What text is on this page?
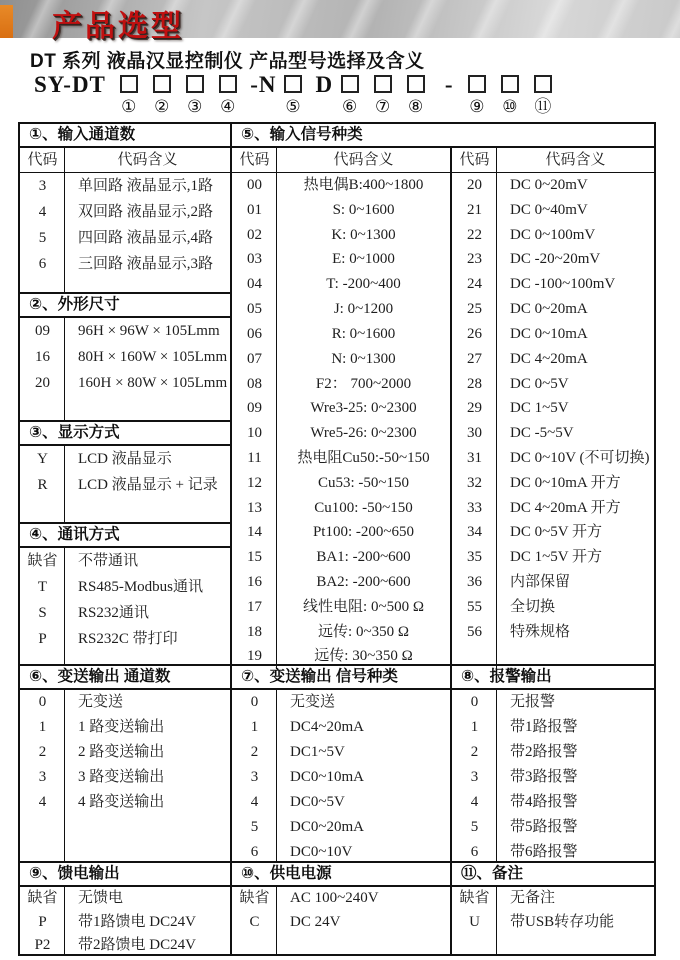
产品选型
DT 系列 液晶汉显控制仪 产品型号选择及含义
SY-DT
① ② ③ ④
-N
⑤
D
⑥ ⑦ ⑧
-
⑨ ⑩ ⑪
①、输入通道数
代码	代码含义
3	单回路 液晶显示,1路
4	双回路 液晶显示,2路
5	四回路 液晶显示,4路
6	三回路 液晶显示,3路
②、外形尺寸
09	96H × 96W × 105Lmm
16	80H × 160W × 105Lmm
20	160H × 80W × 105Lmm
③、显示方式
Y	LCD 液晶显示
R	LCD 液晶显示 + 记录
④、通讯方式
缺省	不带通讯
T	RS485-Modbus通讯
S	RS232通讯
P	RS232C 带打印
⑤、输入信号种类
代码	代码含义
00	热电偶B:400~1800
01	S: 0~1600
02	K: 0~1300
03	E: 0~1000
04	T: -200~400
05	J: 0~1200
06	R: 0~1600
07	N: 0~1300
08	F2： 700~2000
09	Wre3-25: 0~2300
10	Wre5-26: 0~2300
11	热电阻Cu50:-50~150
12	Cu53: -50~150
13	Cu100: -50~150
14	Pt100: -200~650
15	BA1: -200~600
16	BA2: -200~600
17	线性电阻: 0~500 Ω
18	远传: 0~350 Ω
19	远传: 30~350 Ω
代码	代码含义
20	DC 0~20mV
21	DC 0~40mV
22	DC 0~100mV
23	DC -20~20mV
24	DC -100~100mV
25	DC 0~20mA
26	DC 0~10mA
27	DC 4~20mA
28	DC 0~5V
29	DC 1~5V
30	DC -5~5V
31	DC 0~10V (不可切换)
32	DC 0~10mA 开方
33	DC 4~20mA 开方
34	DC 0~5V 开方
35	DC 1~5V 开方
36	内部保留
55	全切换
56	特殊规格
⑥、变送输出 通道数
0	无变送
1	1 路变送输出
2	2 路变送输出
3	3 路变送输出
4	4 路变送输出
⑦、变送输出 信号种类
0	无变送
1	DC4~20mA
2	DC1~5V
3	DC0~10mA
4	DC0~5V
5	DC0~20mA
6	DC0~10V
⑧、报警输出
0	无报警
1	带1路报警
2	带2路报警
3	带3路报警
4	带4路报警
5	带5路报警
6	带6路报警
⑨、馈电输出
缺省	无馈电
P	带1路馈电 DC24V
P2	带2路馈电 DC24V
⑩、供电电源
缺省	AC 100~240V
C	DC 24V
⑪、备注
缺省	无备注
U	带USB转存功能
